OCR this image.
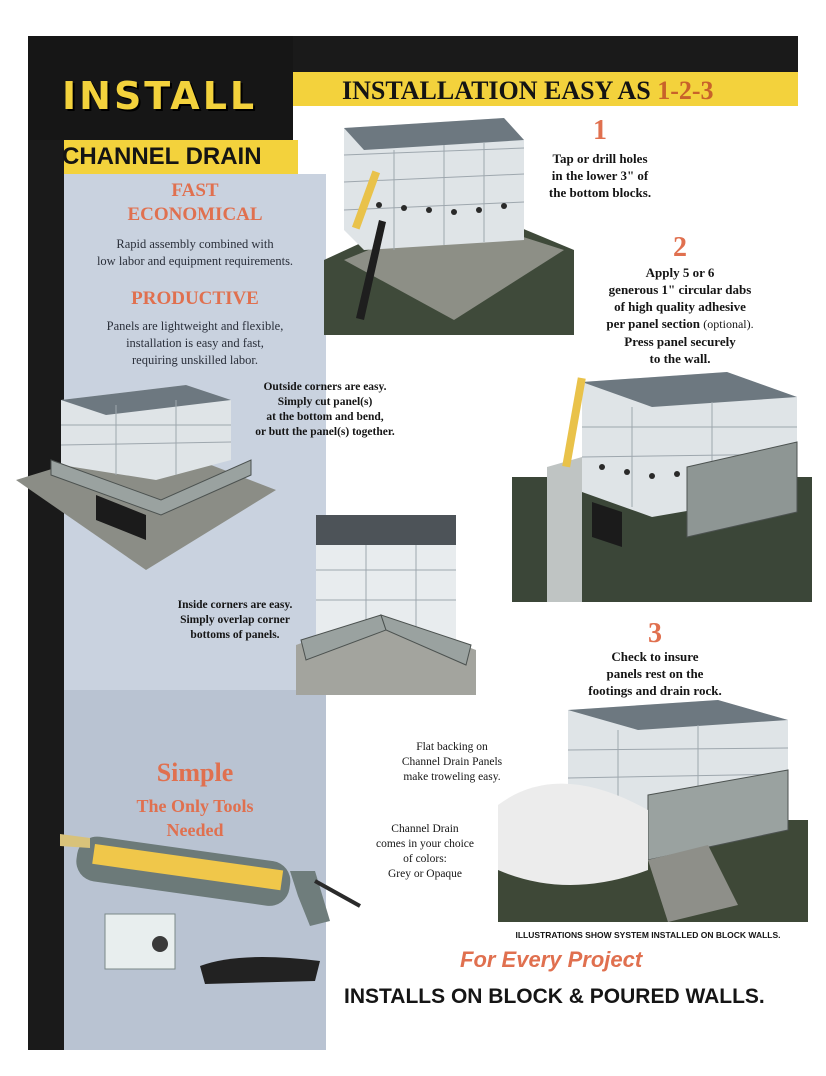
INSTALL
CHANNEL DRAIN
INSTALLATION EASY AS 1-2-3
FAST
ECONOMICAL
Rapid assembly combined with
low labor and equipment requirements.
PRODUCTIVE
Panels are lightweight and flexible,
installation is easy and fast,
requiring unskilled labor.
Simple
The Only Tools
Needed
1
Tap or drill holes
in the lower 3" of
the bottom blocks.
2
Apply 5 or 6
generous 1" circular dabs
of high quality adhesive
per panel section (optional).
Press panel securely
to the wall.
3
Check to insure
panels rest on the
footings and drain rock.
Outside corners are easy.
Simply cut panel(s)
at the bottom and bend,
or butt the panel(s) together.
Inside corners are easy.
Simply overlap corner
bottoms of panels.
Flat backing on
Channel Drain Panels
make troweling easy.
Channel Drain
comes in your choice
of colors:
Grey or Opaque
ILLUSTRATIONS SHOW SYSTEM INSTALLED ON BLOCK WALLS.
For Every Project
INSTALLS ON BLOCK & POURED WALLS.
